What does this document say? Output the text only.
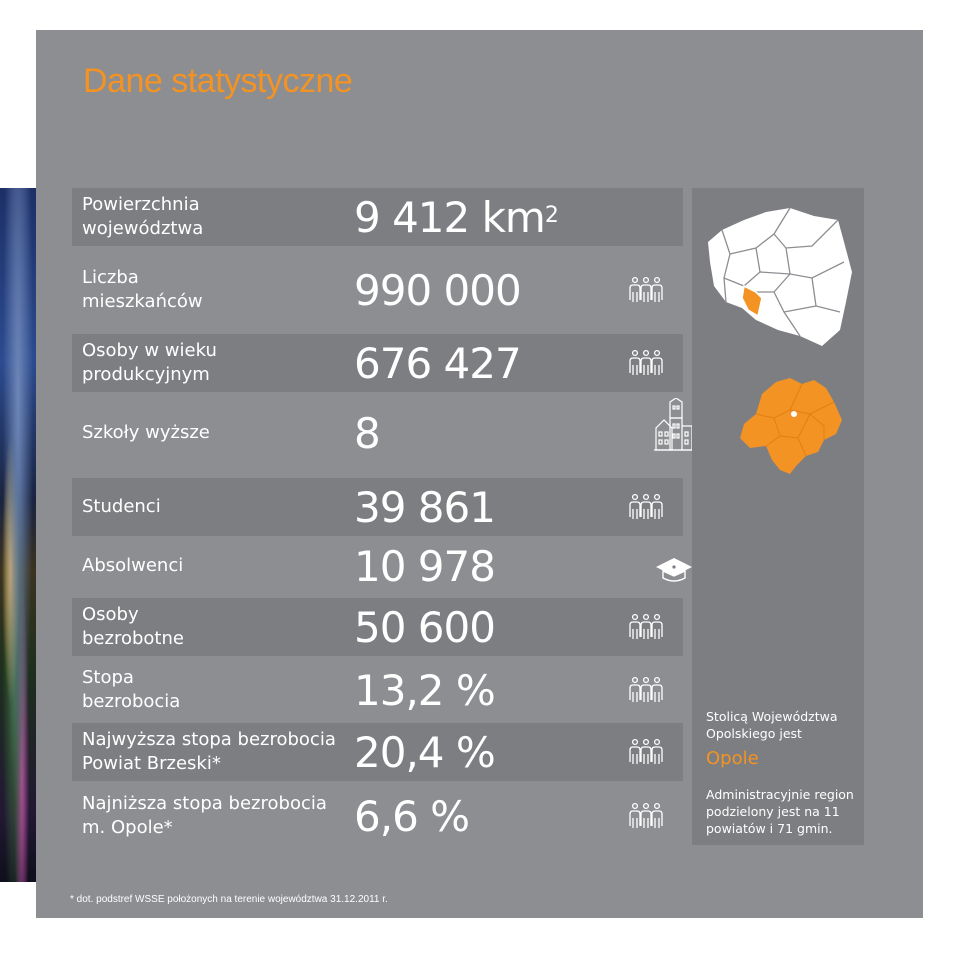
Dane statystyczne
Powierzchnia
województwa	9 412 $km^2$
Liczba
mieszkańców	990 000
Osoby w wieku
produkcyjnym	676 427
Szkoły wyższe	8
Studenci	39 861
Absolwenci	10 978
Osoby
bezrobotne	50 600
Stopa
bezrobocia	13,2 %
Najwyższa stopa bezrobocia
Powiat Brzeski*	20,4 %
Najniższa stopa bezrobocia
m. Opole*	6,6 %
Stolicą Województwa
Opolskiego jest
Opole
Administracyjnie region
podzielony jest na 11
powiatów i 71 gmin.

* dot. podstref WSSE położonych na terenie województwa 31.12.2011 r.
